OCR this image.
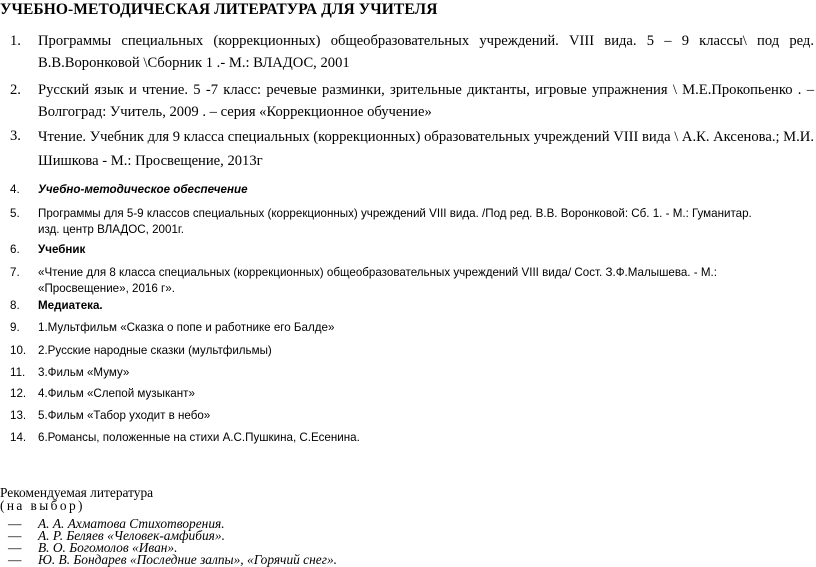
УЧЕБНО-МЕТОДИЧЕСКАЯ ЛИТЕРАТУРА ДЛЯ УЧИТЕЛЯ
1. Программы специальных (коррекционных) общеобразовательных учреждений. VIII вида. 5 – 9 классы\ под ред. В.В.Воронковой \Сборник 1 .- М.: ВЛАДОС, 2001
2. Русский язык и чтение. 5 -7 класс: речевые разминки, зрительные диктанты, игровые упражнения \ М.Е.Прокопьенко . –Волгоград: Учитель, 2009 . – серия «Коррекционное обучение»
3. Чтение. Учебник для 9 класса специальных (коррекционных) образовательных учреждений VIII вида \ А.К. Аксенова.; М.И. Шишкова - М.: Просвещение, 2013г
4. Учебно-методическое обеспечение
5. Программы для 5-9 классов специальных (коррекционных) учреждений VIII вида. /Под ред. В.В. Воронковой: Сб. 1. - М.: Гуманитар. изд. центр ВЛАДОС, 2001г.
6. Учебник
7. «Чтение для 8 класса специальных (коррекционных) общеобразовательных учреждений VIII вида/ Сост. З.Ф.Малышева. - М.: «Просвещение», 2016 г».
8. Медиатека.
9. 1.Мультфильм «Сказка о попе и работнике его Балде»
10. 2.Русские народные сказки (мультфильмы)
11. 3.Фильм «Муму»
12. 4.Фильм «Слепой музыкант»
13. 5.Фильм «Табор уходит в небо»
14. 6.Романсы, положенные на стихи А.С.Пушкина, С.Есенина.
Рекомендуемая литература
(на выбор)
— А. А. Ахматова Стихотворения.
— А. Р. Беляев «Человек-амфибия».
— В. О. Богомолов «Иван».
— Ю. В. Бондарев «Последние залпы», «Горячий снег».
